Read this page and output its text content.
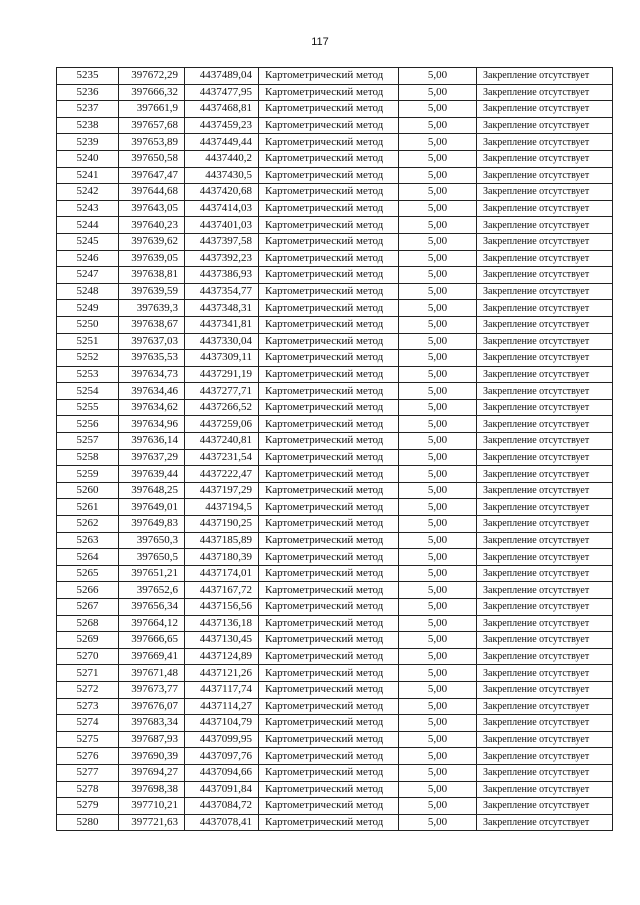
117
5235	397672,29	4437489,04	Картометрический метод	5,00	Закрепление отсутствует
5236	397666,32	4437477,95	Картометрический метод	5,00	Закрепление отсутствует
5237	397661,9	4437468,81	Картометрический метод	5,00	Закрепление отсутствует
5238	397657,68	4437459,23	Картометрический метод	5,00	Закрепление отсутствует
5239	397653,89	4437449,44	Картометрический метод	5,00	Закрепление отсутствует
5240	397650,58	4437440,2	Картометрический метод	5,00	Закрепление отсутствует
5241	397647,47	4437430,5	Картометрический метод	5,00	Закрепление отсутствует
5242	397644,68	4437420,68	Картометрический метод	5,00	Закрепление отсутствует
5243	397643,05	4437414,03	Картометрический метод	5,00	Закрепление отсутствует
5244	397640,23	4437401,03	Картометрический метод	5,00	Закрепление отсутствует
5245	397639,62	4437397,58	Картометрический метод	5,00	Закрепление отсутствует
5246	397639,05	4437392,23	Картометрический метод	5,00	Закрепление отсутствует
5247	397638,81	4437386,93	Картометрический метод	5,00	Закрепление отсутствует
5248	397639,59	4437354,77	Картометрический метод	5,00	Закрепление отсутствует
5249	397639,3	4437348,31	Картометрический метод	5,00	Закрепление отсутствует
5250	397638,67	4437341,81	Картометрический метод	5,00	Закрепление отсутствует
5251	397637,03	4437330,04	Картометрический метод	5,00	Закрепление отсутствует
5252	397635,53	4437309,11	Картометрический метод	5,00	Закрепление отсутствует
5253	397634,73	4437291,19	Картометрический метод	5,00	Закрепление отсутствует
5254	397634,46	4437277,71	Картометрический метод	5,00	Закрепление отсутствует
5255	397634,62	4437266,52	Картометрический метод	5,00	Закрепление отсутствует
5256	397634,96	4437259,06	Картометрический метод	5,00	Закрепление отсутствует
5257	397636,14	4437240,81	Картометрический метод	5,00	Закрепление отсутствует
5258	397637,29	4437231,54	Картометрический метод	5,00	Закрепление отсутствует
5259	397639,44	4437222,47	Картометрический метод	5,00	Закрепление отсутствует
5260	397648,25	4437197,29	Картометрический метод	5,00	Закрепление отсутствует
5261	397649,01	4437194,5	Картометрический метод	5,00	Закрепление отсутствует
5262	397649,83	4437190,25	Картометрический метод	5,00	Закрепление отсутствует
5263	397650,3	4437185,89	Картометрический метод	5,00	Закрепление отсутствует
5264	397650,5	4437180,39	Картометрический метод	5,00	Закрепление отсутствует
5265	397651,21	4437174,01	Картометрический метод	5,00	Закрепление отсутствует
5266	397652,6	4437167,72	Картометрический метод	5,00	Закрепление отсутствует
5267	397656,34	4437156,56	Картометрический метод	5,00	Закрепление отсутствует
5268	397664,12	4437136,18	Картометрический метод	5,00	Закрепление отсутствует
5269	397666,65	4437130,45	Картометрический метод	5,00	Закрепление отсутствует
5270	397669,41	4437124,89	Картометрический метод	5,00	Закрепление отсутствует
5271	397671,48	4437121,26	Картометрический метод	5,00	Закрепление отсутствует
5272	397673,77	4437117,74	Картометрический метод	5,00	Закрепление отсутствует
5273	397676,07	4437114,27	Картометрический метод	5,00	Закрепление отсутствует
5274	397683,34	4437104,79	Картометрический метод	5,00	Закрепление отсутствует
5275	397687,93	4437099,95	Картометрический метод	5,00	Закрепление отсутствует
5276	397690,39	4437097,76	Картометрический метод	5,00	Закрепление отсутствует
5277	397694,27	4437094,66	Картометрический метод	5,00	Закрепление отсутствует
5278	397698,38	4437091,84	Картометрический метод	5,00	Закрепление отсутствует
5279	397710,21	4437084,72	Картометрический метод	5,00	Закрепление отсутствует
5280	397721,63	4437078,41	Картометрический метод	5,00	Закрепление отсутствует
